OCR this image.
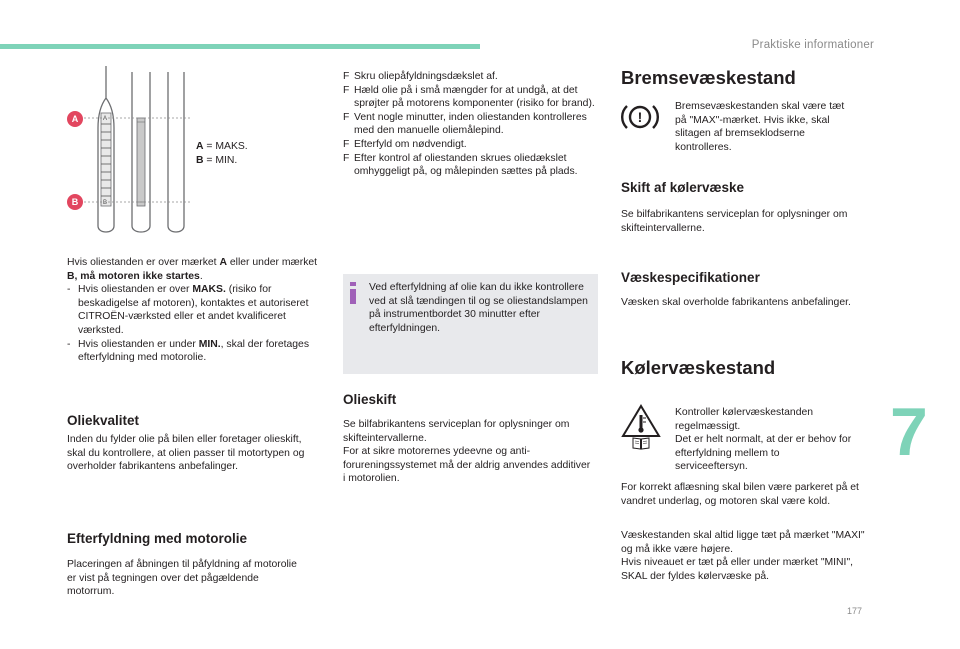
Praktiske informationer
A
B
A
B
A = MAKS.
B = MIN.

Hvis oliestanden er over mærket A eller under mærket B, må motoren ikke startes.

- Hvis oliestanden er over MAKS. (risiko for beskadigelse af motoren), kontaktes et autoriseret CITROËN-værksted eller et andet kvalificeret værksted.

- Hvis oliestanden er under MIN., skal der foretages efterfyldning med motorolie.

Oliekvalitet
Inden du fylder olie på bilen eller foretager olieskift, skal du kontrollere, at olien passer til motortypen og overholder fabrikantens anbefalinger.
Efterfyldning med motorolie
Placeringen af åbningen til påfyldning af motorolie er vist på tegningen over det pågældende motorrum.

F Skru oliepåfyldningsdækslet af.

F Hæld olie på i små mængder for at undgå, at det sprøjter på motorens komponenter (risiko for brand).

F Vent nogle minutter, inden oliestanden kontrolleres med den manuelle oliemålepind.

F Efterfyld om nødvendigt.

F Efter kontrol af oliestanden skrues oliedækslet omhyggeligt på, og målepinden sættes på plads.

Ved efterfyldning af olie kan du ikke kontrollere ved at slå tændingen til og se oliestandslampen på instrumentbordet 30 minutter efter efterfyldningen.
Olieskift

Se bilfabrikantens serviceplan for oplysninger om skifteintervallerne.

For at sikre motorernes ydeevne og anti-forureningssystemet må der aldrig anvendes additiver i motorolien.

Bremsevæskestand
!
Bremsevæskestanden skal være tæt på "MAX"-mærket. Hvis ikke, skal slitagen af bremseklodserne kontrolleres.
Skift af kølervæske
Se bilfabrikantens serviceplan for oplysninger om skifteintervallerne.
Væskespecifikationer
Væsken skal overholde fabrikantens anbefalinger.
Kølervæskestand

Kontroller kølervæskestanden regelmæssigt.

Det er helt normalt, at der er behov for efterfyldning mellem to serviceeftersyn.

For korrekt aflæsning skal bilen være parkeret på et vandret underlag, og motoren skal være kold.

Væskestanden skal altid ligge tæt på mærket "MAXI" og må ikke være højere.

Hvis niveauet er tæt på eller under mærket "MINI", SKAL der fyldes kølervæske på.

7
177
